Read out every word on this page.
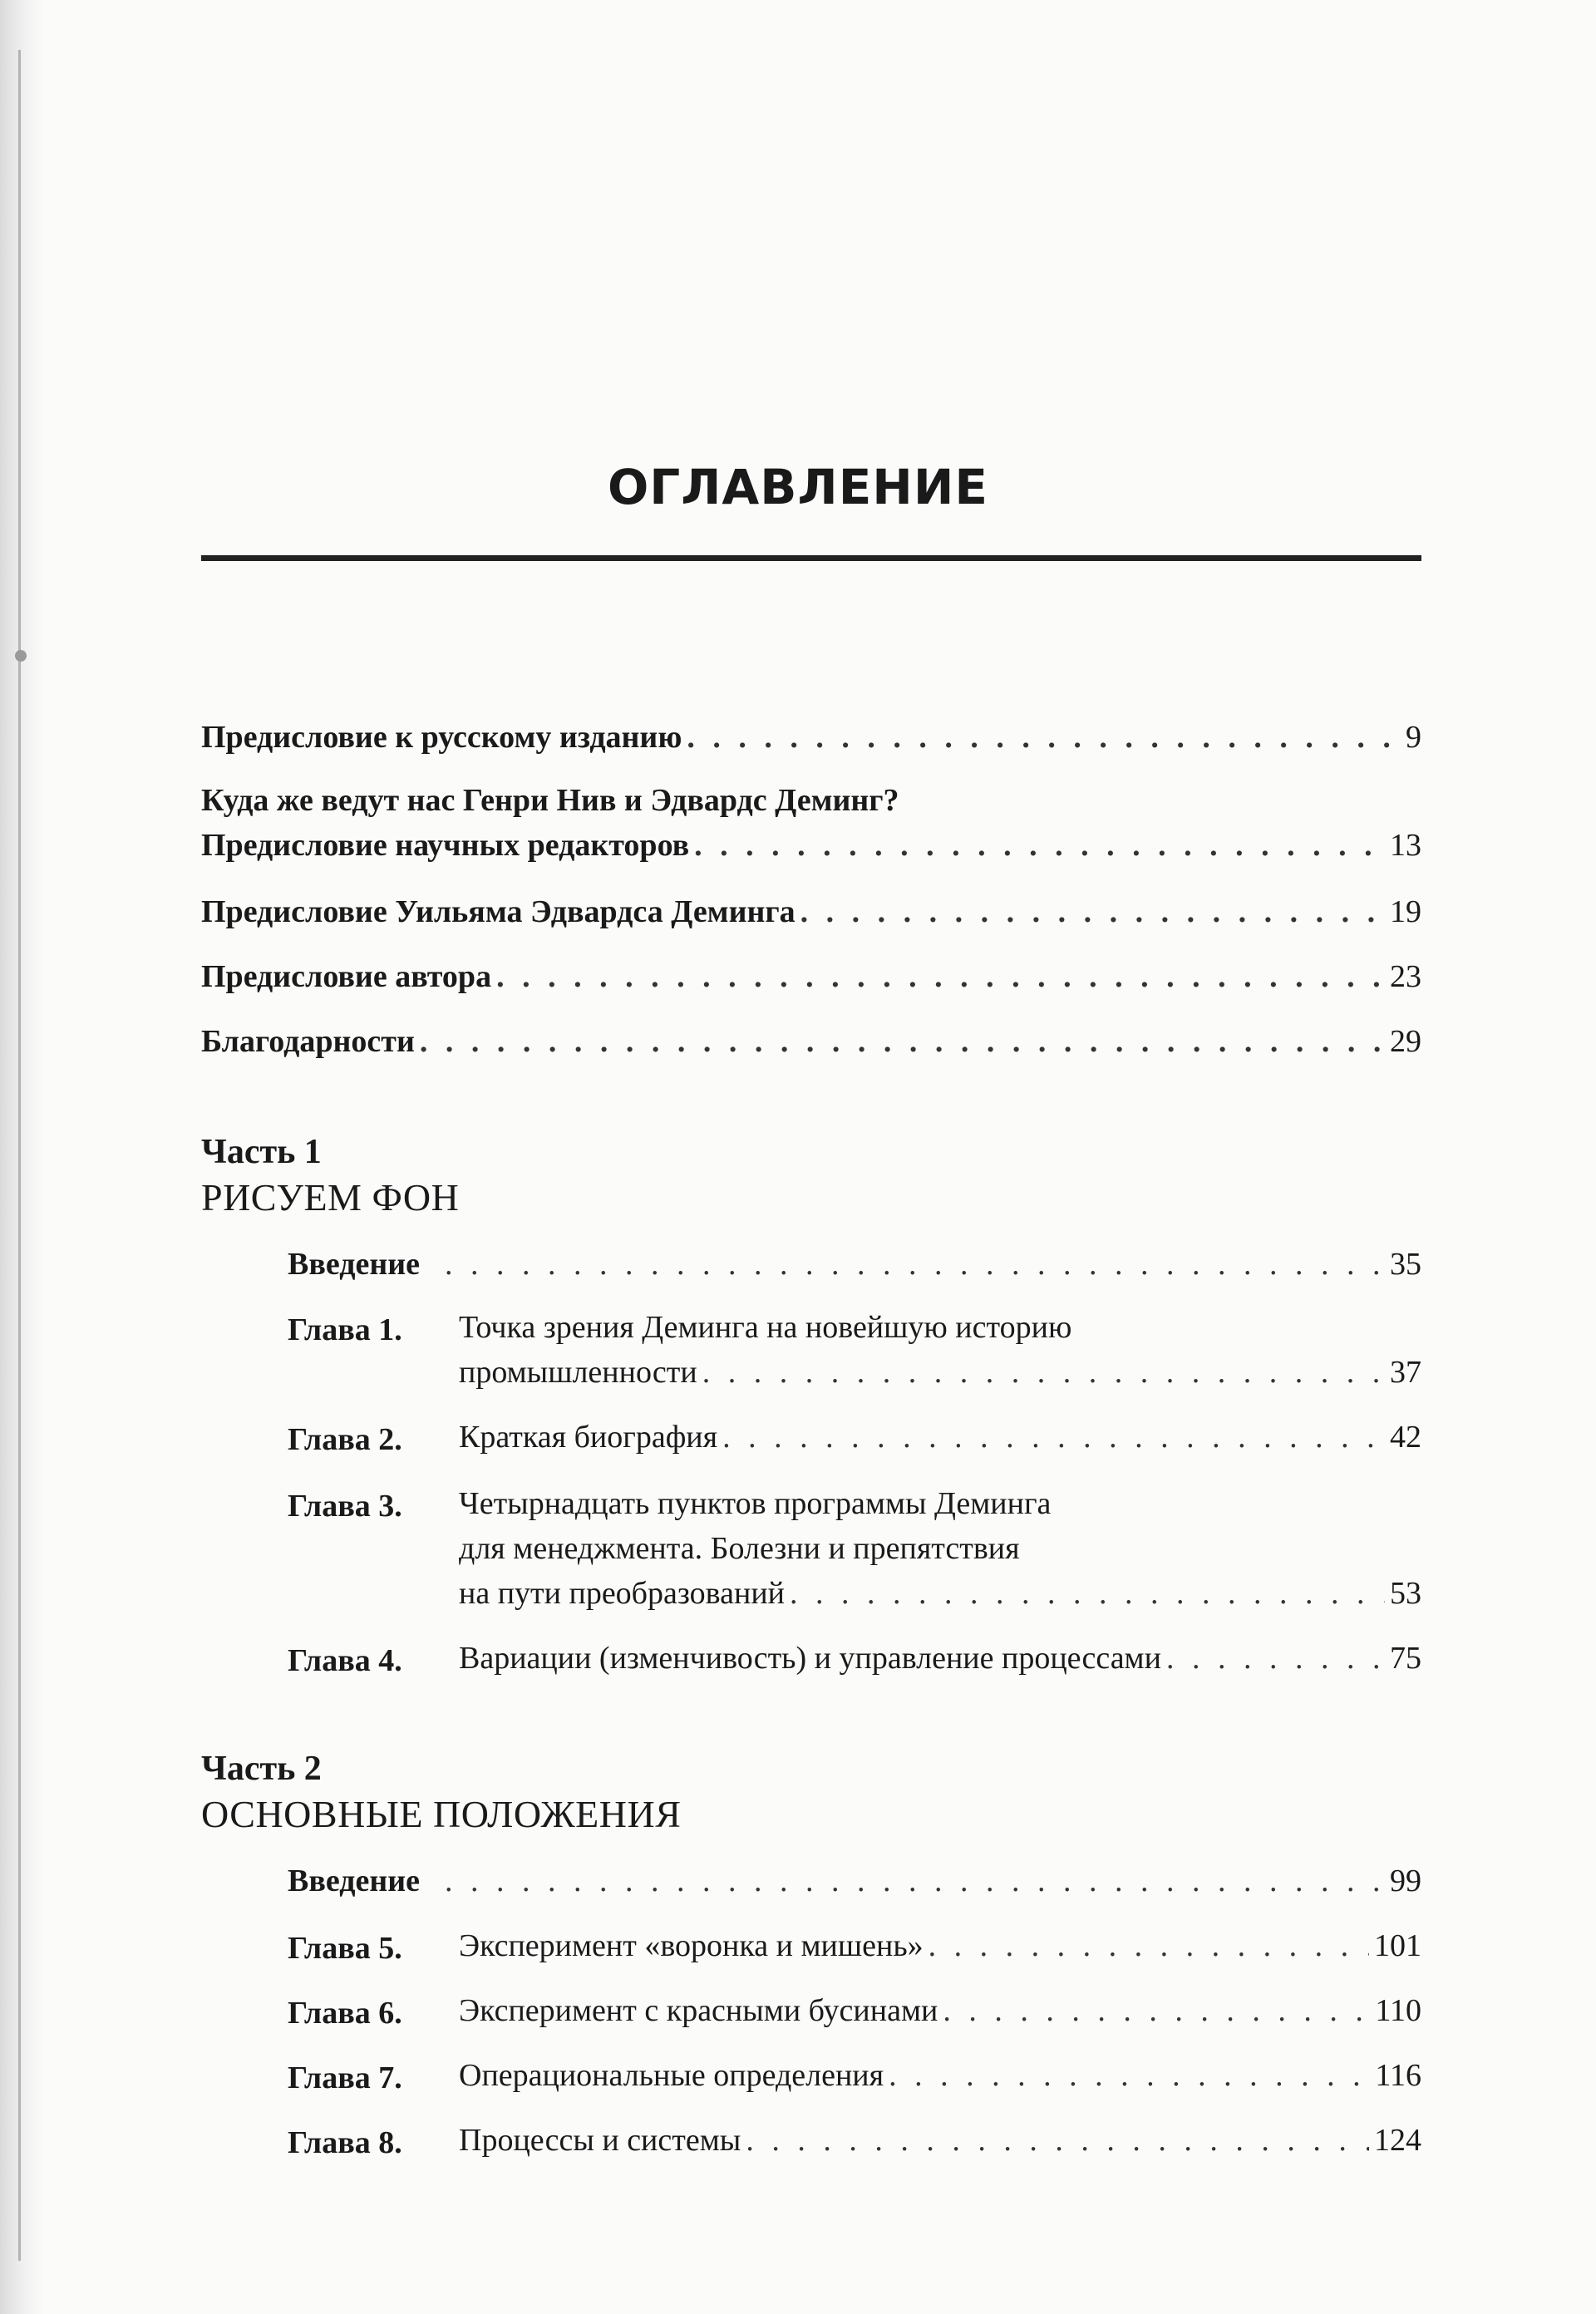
ОГЛАВЛЕНИЕ
Предисловие к русскому изданию . . .	9
Куда же ведут нас Генри Нив и Эдвардс Деминг?
Предисловие научных редакторов . . .	13
Предисловие Уильяма Эдвардса Деминга . . .	19
Предисловие автора . . .	23
Благодарности . . .	29
Часть 1
РИСУЕМ ФОН
Введение . . .	35
Глава 1. Точка зрения Деминга на новейшую историю
промышленности . . .	37
Глава 2. Краткая биография . . .	42
Глава 3. Четырнадцать пунктов программы Деминга
для менеджмента. Болезни и препятствия
на пути преобразований . . .	53
Глава 4. Вариации (изменчивость) и управление процессами . . .	75
Часть 2
ОСНОВНЫЕ ПОЛОЖЕНИЯ
Введение . . .	99
Глава 5. Эксперимент «воронка и мишень» . . .	101
Глава 6. Эксперимент с красными бусинами . . .	110
Глава 7. Операциональные определения . . .	116
Глава 8. Процессы и системы . . .	124
